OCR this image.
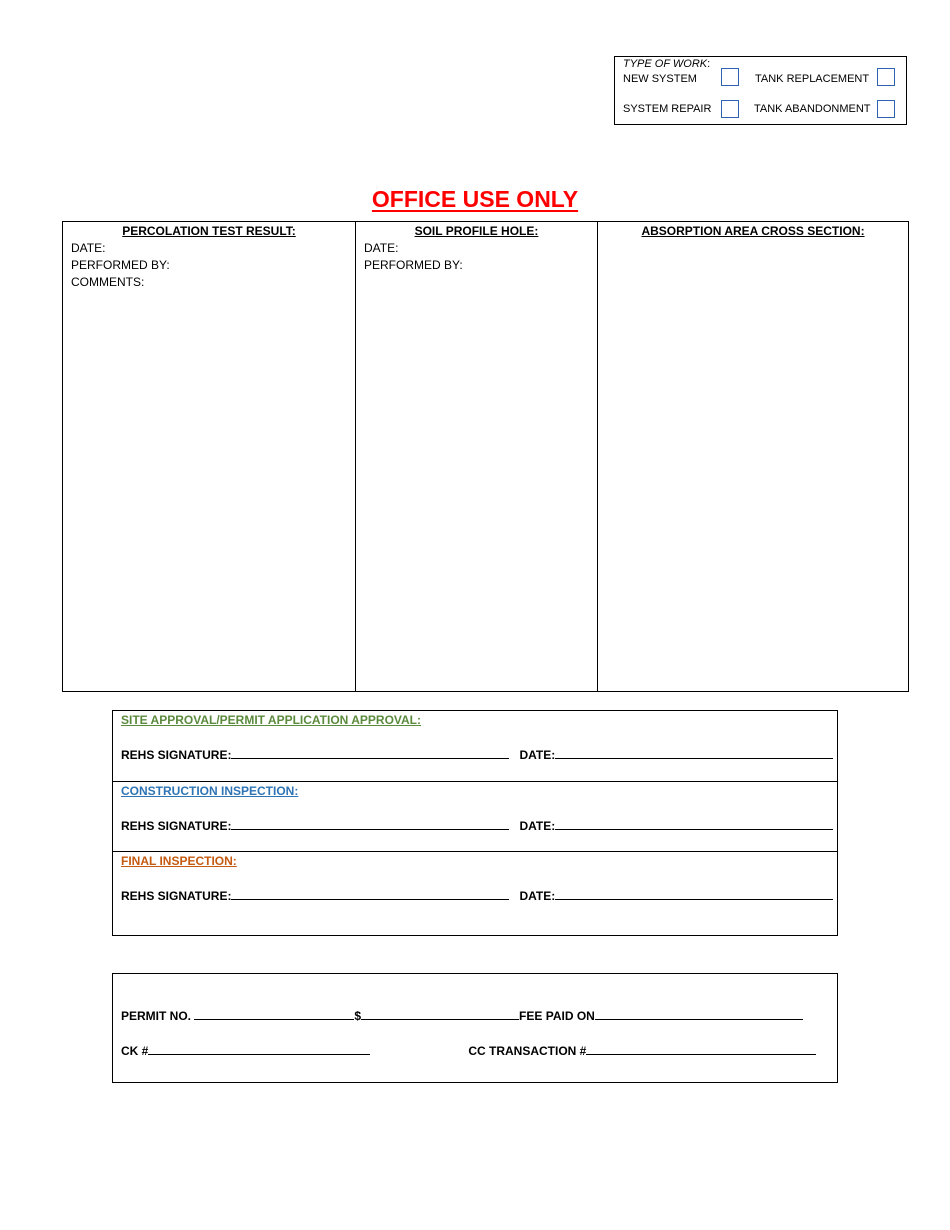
TYPE OF WORK:
NEW SYSTEM	TANK REPLACEMENT
SYSTEM REPAIR	TANK ABANDONMENT
OFFICE USE ONLY
PERCOLATION TEST RESULT:
DATE:
PERFORMED BY:
COMMENTS:
SOIL PROFILE HOLE:
DATE:
PERFORMED BY:
ABSORPTION AREA CROSS SECTION:
SITE APPROVAL/PERMIT APPLICATION APPROVAL:
REHS SIGNATURE:	DATE:
CONSTRUCTION INSPECTION:
REHS SIGNATURE:	DATE:
FINAL INSPECTION:
REHS SIGNATURE:	DATE:
PERMIT NO.	$	FEE PAID ON
CK #	CC TRANSACTION #
